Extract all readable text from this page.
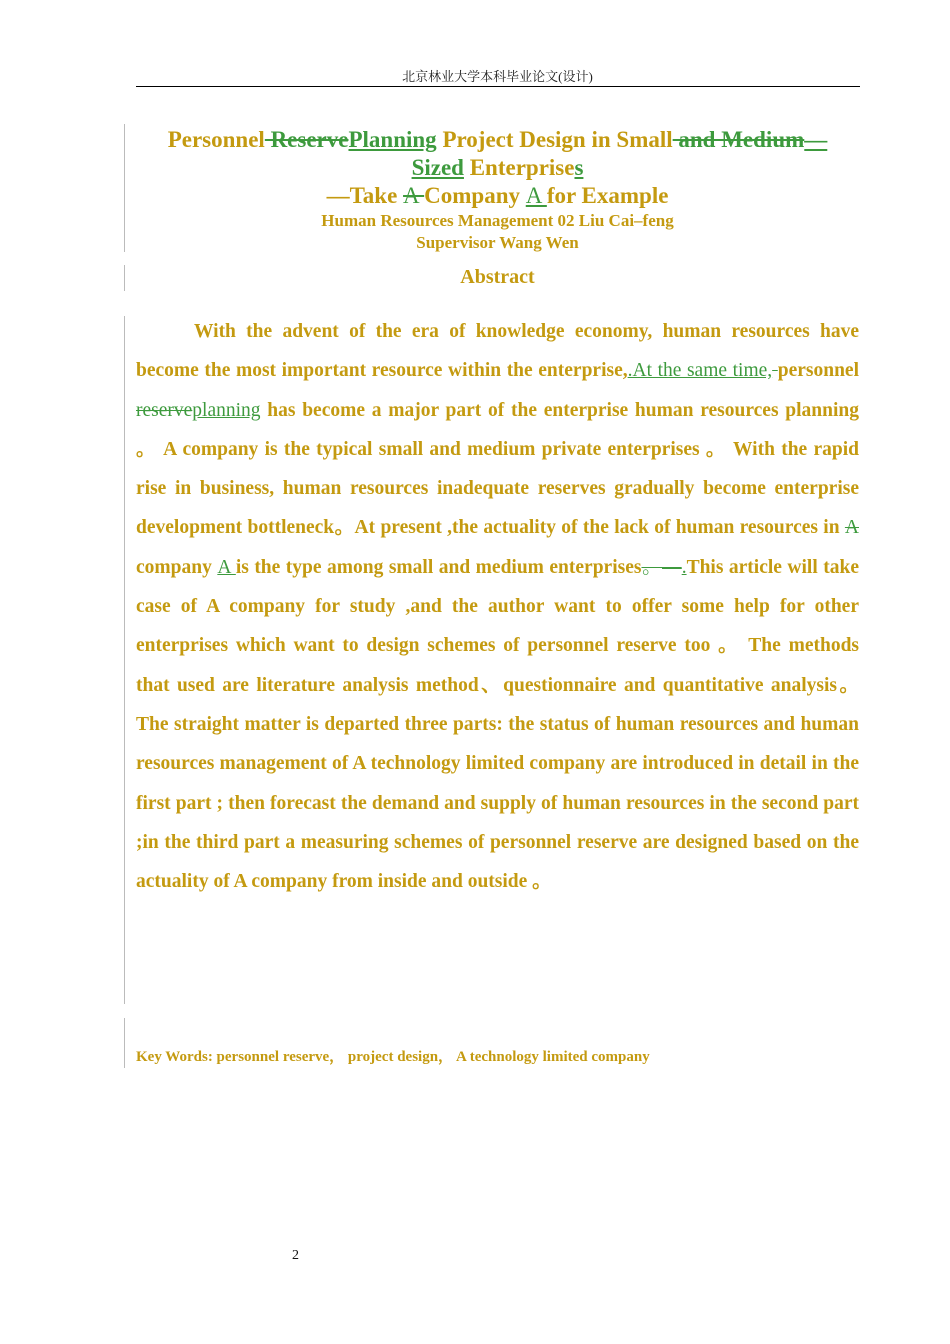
北京林业大学本科毕业论文(设计)
Personnel ReservePlanning Project Design in Small and Medium—
Sized Enterprises
—Take A Company A for Example
Human Resources Management 02 Liu Cai–feng
Supervisor Wang Wen
Abstract
With the advent of the era of knowledge economy, human resources have become the most important resource within the enterprise,.At the same time, personnel reserveplanning has become a major part of the enterprise human resources planning 。 A company is the typical small and medium private enterprises 。 With the rapid rise in business, human resources inadequate reserves gradually become enterprise development bottleneck。At present ,the actuality of the lack of human resources in A company A is the type among small and medium enterprises。—.This article will take case of A company for study ,and the author want to offer some help for other enterprises which want to design schemes of personnel reserve too 。 The methods that used are literature analysis method、questionnaire and quantitative analysis。The straight matter is departed three parts: the status of human resources and human resources management of A technology limited company are introduced in detail in the first part ; then forecast the demand and supply of human resources in the second part ;in the third part a measuring schemes of personnel reserve are designed based on the actuality of A company from inside and outside 。
Key Words: personnel reserve， project design， A technology limited company
2
